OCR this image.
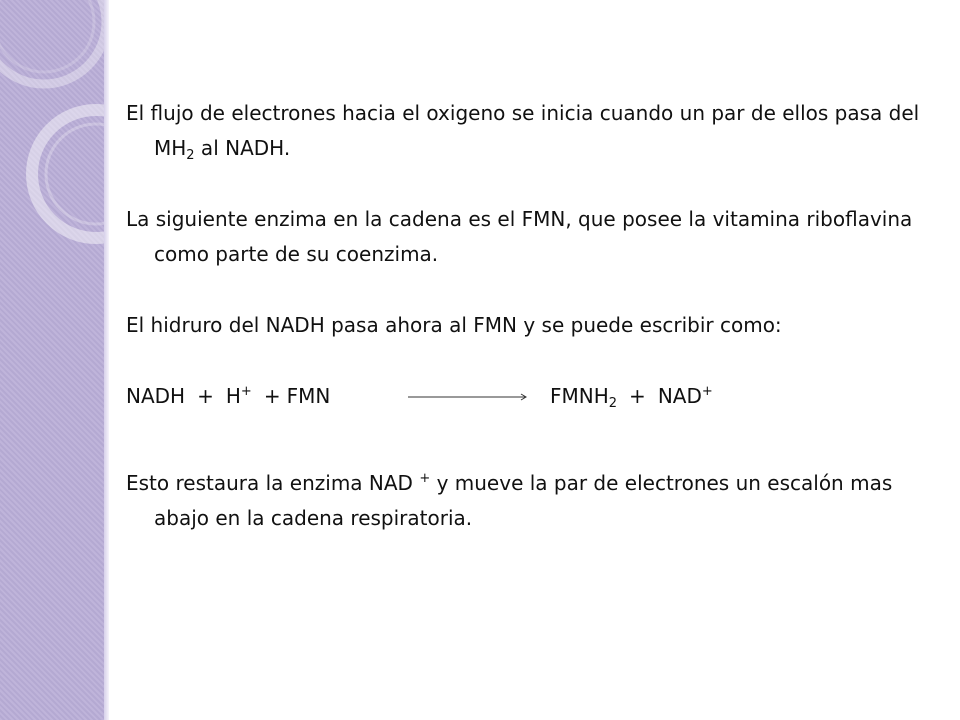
El flujo de electrones hacia el oxigeno se inicia cuando un par de ellos pasa del $MH_2$ al NADH.

La siguiente enzima en la cadena es el FMN, que posee la vitamina riboflavina como parte de su coenzima.

El hidruro del NADH pasa ahora al FMN y se puede escribir como:

NADH + H+ + FMN	$FMNH_2 + NAD^+$

Esto restaura la enzima NAD + y mueve la par de electrones un escalón mas abajo en la cadena respiratoria.
